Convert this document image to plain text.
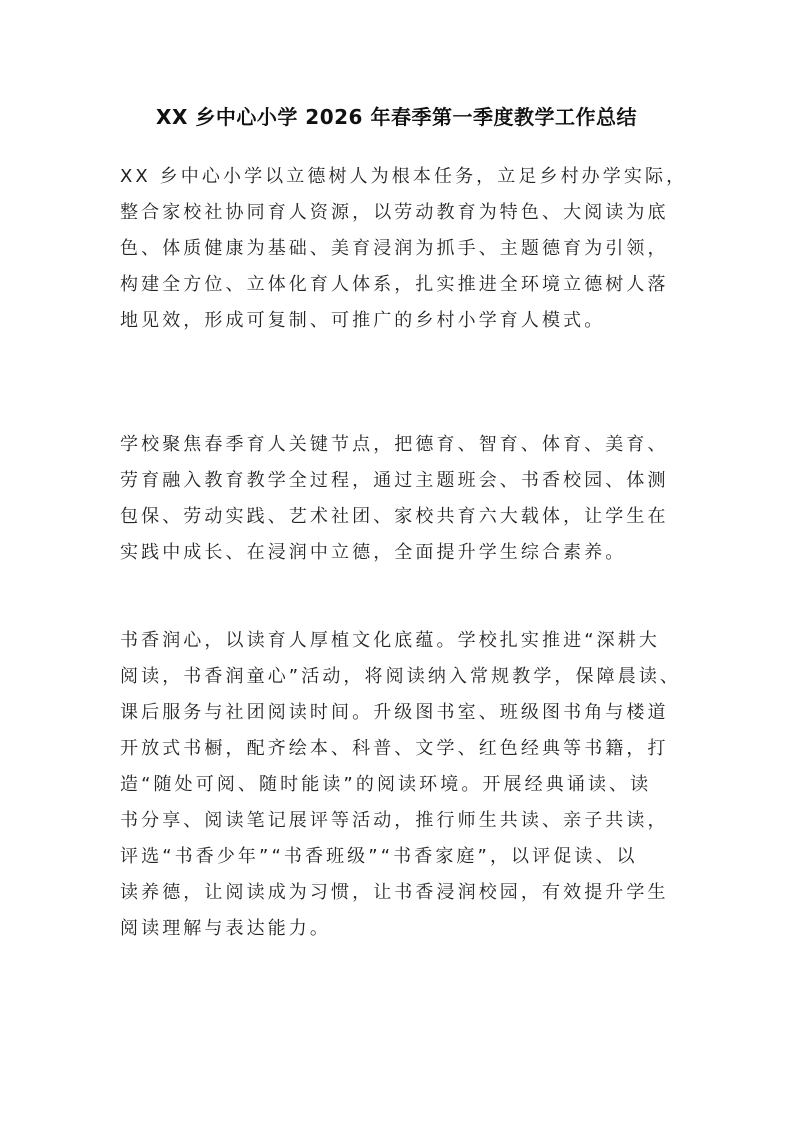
XX 乡中心小学 2026 年春季第一季度教学工作总结

XX 乡中心小学以立德树人为根本任务，立足乡村办学实际，
整合家校社协同育人资源，以劳动教育为特色、大阅读为底
色、体质健康为基础、美育浸润为抓手、主题德育为引领，
构建全方位、立体化育人体系，扎实推进全环境立德树人落
地见效，形成可复制、可推广的乡村小学育人模式。

学校聚焦春季育人关键节点，把德育、智育、体育、美育、
劳育融入教育教学全过程，通过主题班会、书香校园、体测
包保、劳动实践、艺术社团、家校共育六大载体，让学生在
实践中成长、在浸润中立德，全面提升学生综合素养。

书香润心，以读育人厚植文化底蕴。学校扎实推进“深耕大
阅读，书香润童心”活动，将阅读纳入常规教学，保障晨读、
课后服务与社团阅读时间。升级图书室、班级图书角与楼道
开放式书橱，配齐绘本、科普、文学、红色经典等书籍，打
造“随处可阅、随时能读”的阅读环境。开展经典诵读、读
书分享、阅读笔记展评等活动，推行师生共读、亲子共读，
评选“书香少年”“书香班级”“书香家庭”，以评促读、以
读养德，让阅读成为习惯，让书香浸润校园，有效提升学生
阅读理解与表达能力。
